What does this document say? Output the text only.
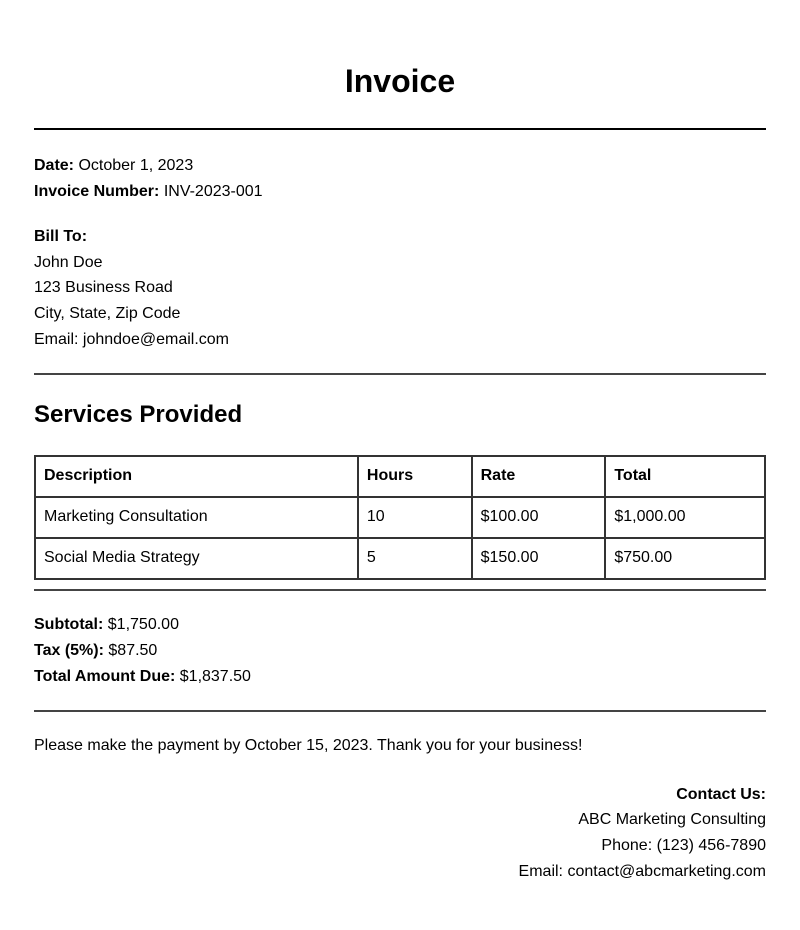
Invoice
Date: October 1, 2023
Invoice Number: INV-2023-001
Bill To:
John Doe
123 Business Road
City, State, Zip Code
Email: johndoe@email.com
Services Provided
Description	Hours	Rate	Total
Marketing Consultation	10	$100.00	$1,000.00
Social Media Strategy	5	$150.00	$750.00
Subtotal: $1,750.00
Tax (5%): $87.50
Total Amount Due: $1,837.50

Please make the payment by October 15, 2023. Thank you for your business!

Contact Us:
ABC Marketing Consulting
Phone: (123) 456-7890
Email: contact@abcmarketing.com
